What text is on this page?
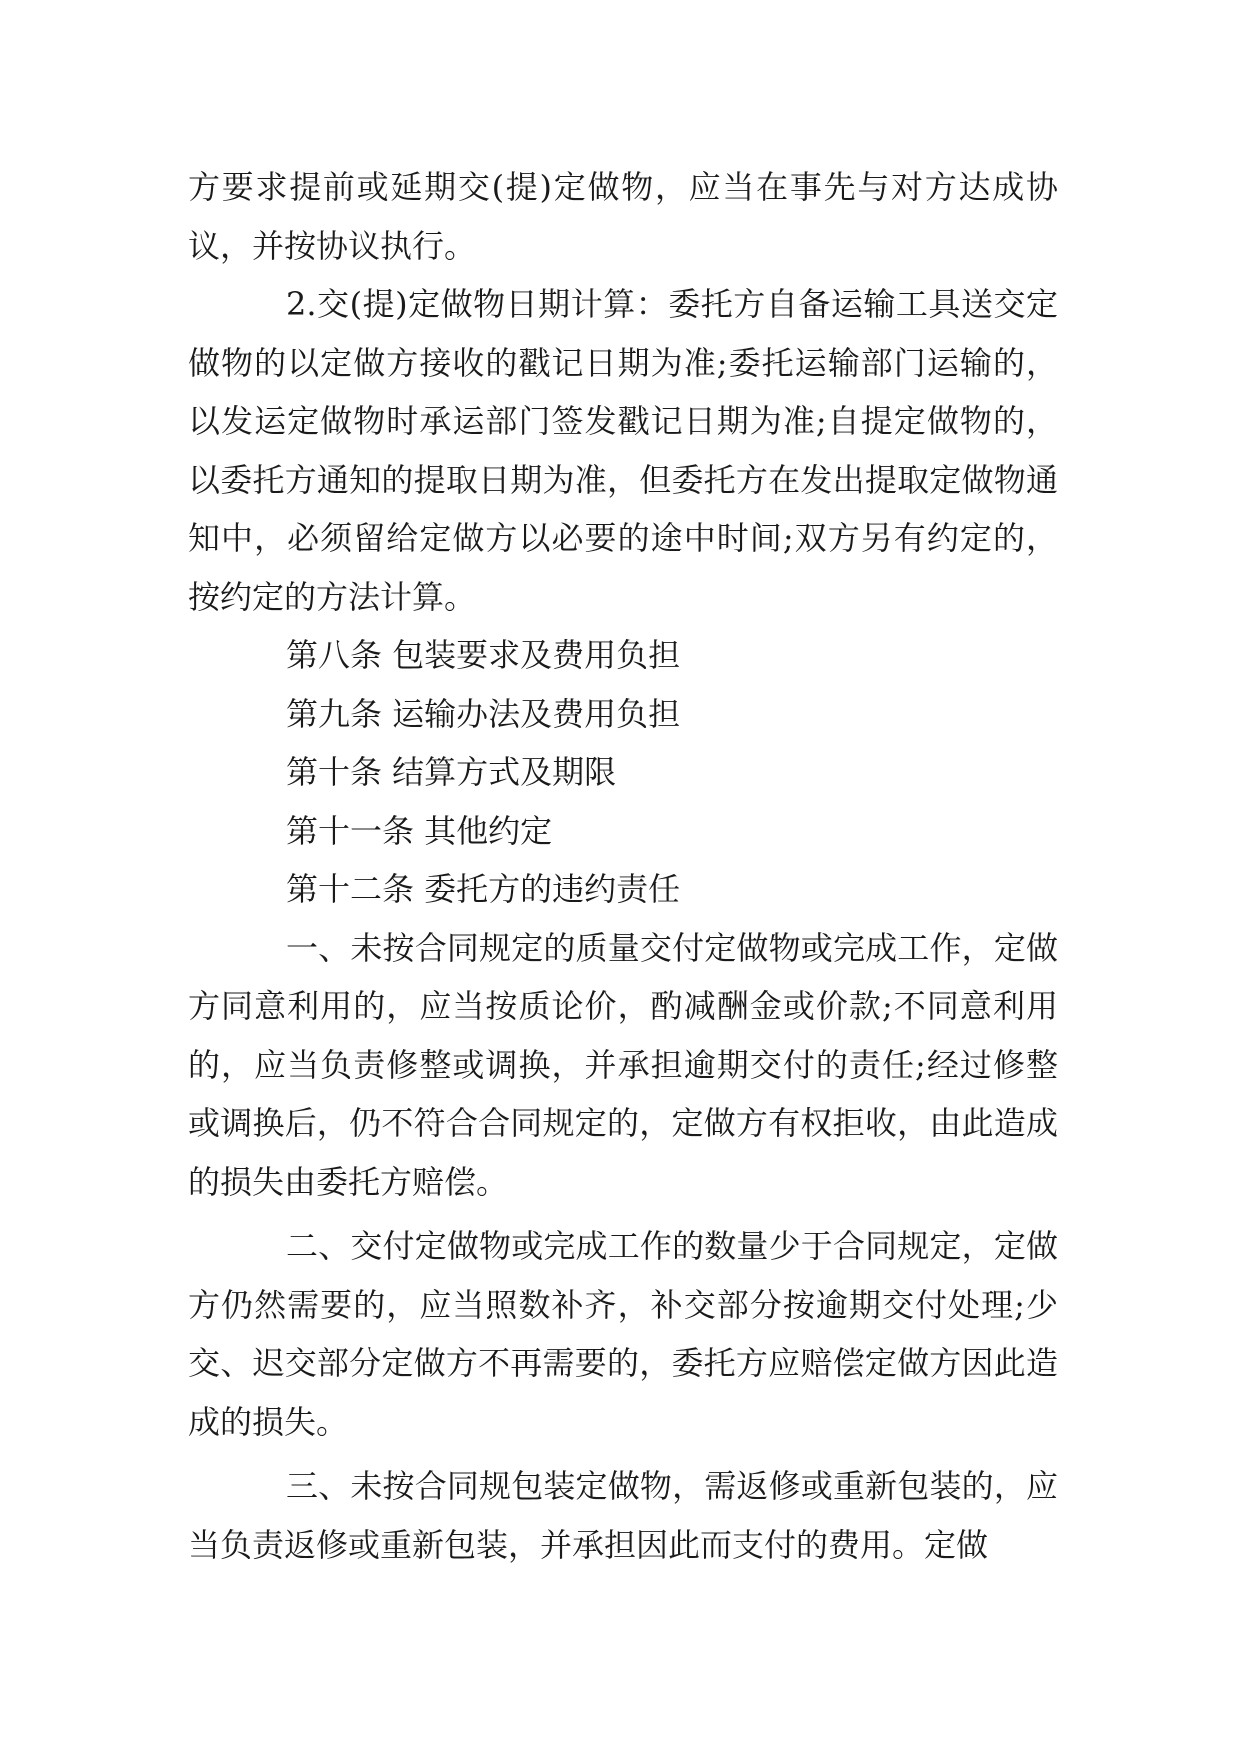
方要求提前或延期交(提)定做物，应当在事先与对方达成协议，并按协议执行。

2.交(提)定做物日期计算：委托方自备运输工具送交定做物的以定做方接收的戳记日期为准;委托运输部门运输的，以发运定做物时承运部门签发戳记日期为准;自提定做物的，以委托方通知的提取日期为准，但委托方在发出提取定做物通知中，必须留给定做方以必要的途中时间;双方另有约定的，按约定的方法计算。

第八条 包装要求及费用负担

第九条 运输办法及费用负担

第十条 结算方式及期限

第十一条 其他约定

第十二条 委托方的违约责任

一、未按合同规定的质量交付定做物或完成工作，定做方同意利用的，应当按质论价，酌减酬金或价款;不同意利用的，应当负责修整或调换，并承担逾期交付的责任;经过修整或调换后，仍不符合合同规定的，定做方有权拒收，由此造成的损失由委托方赔偿。

二、交付定做物或完成工作的数量少于合同规定，定做方仍然需要的，应当照数补齐，补交部分按逾期交付处理;少交、迟交部分定做方不再需要的，委托方应赔偿定做方因此造成的损失。

三、未按合同规包装定做物，需返修或重新包装的，应当负责返修或重新包装，并承担因此而支付的费用。定做
